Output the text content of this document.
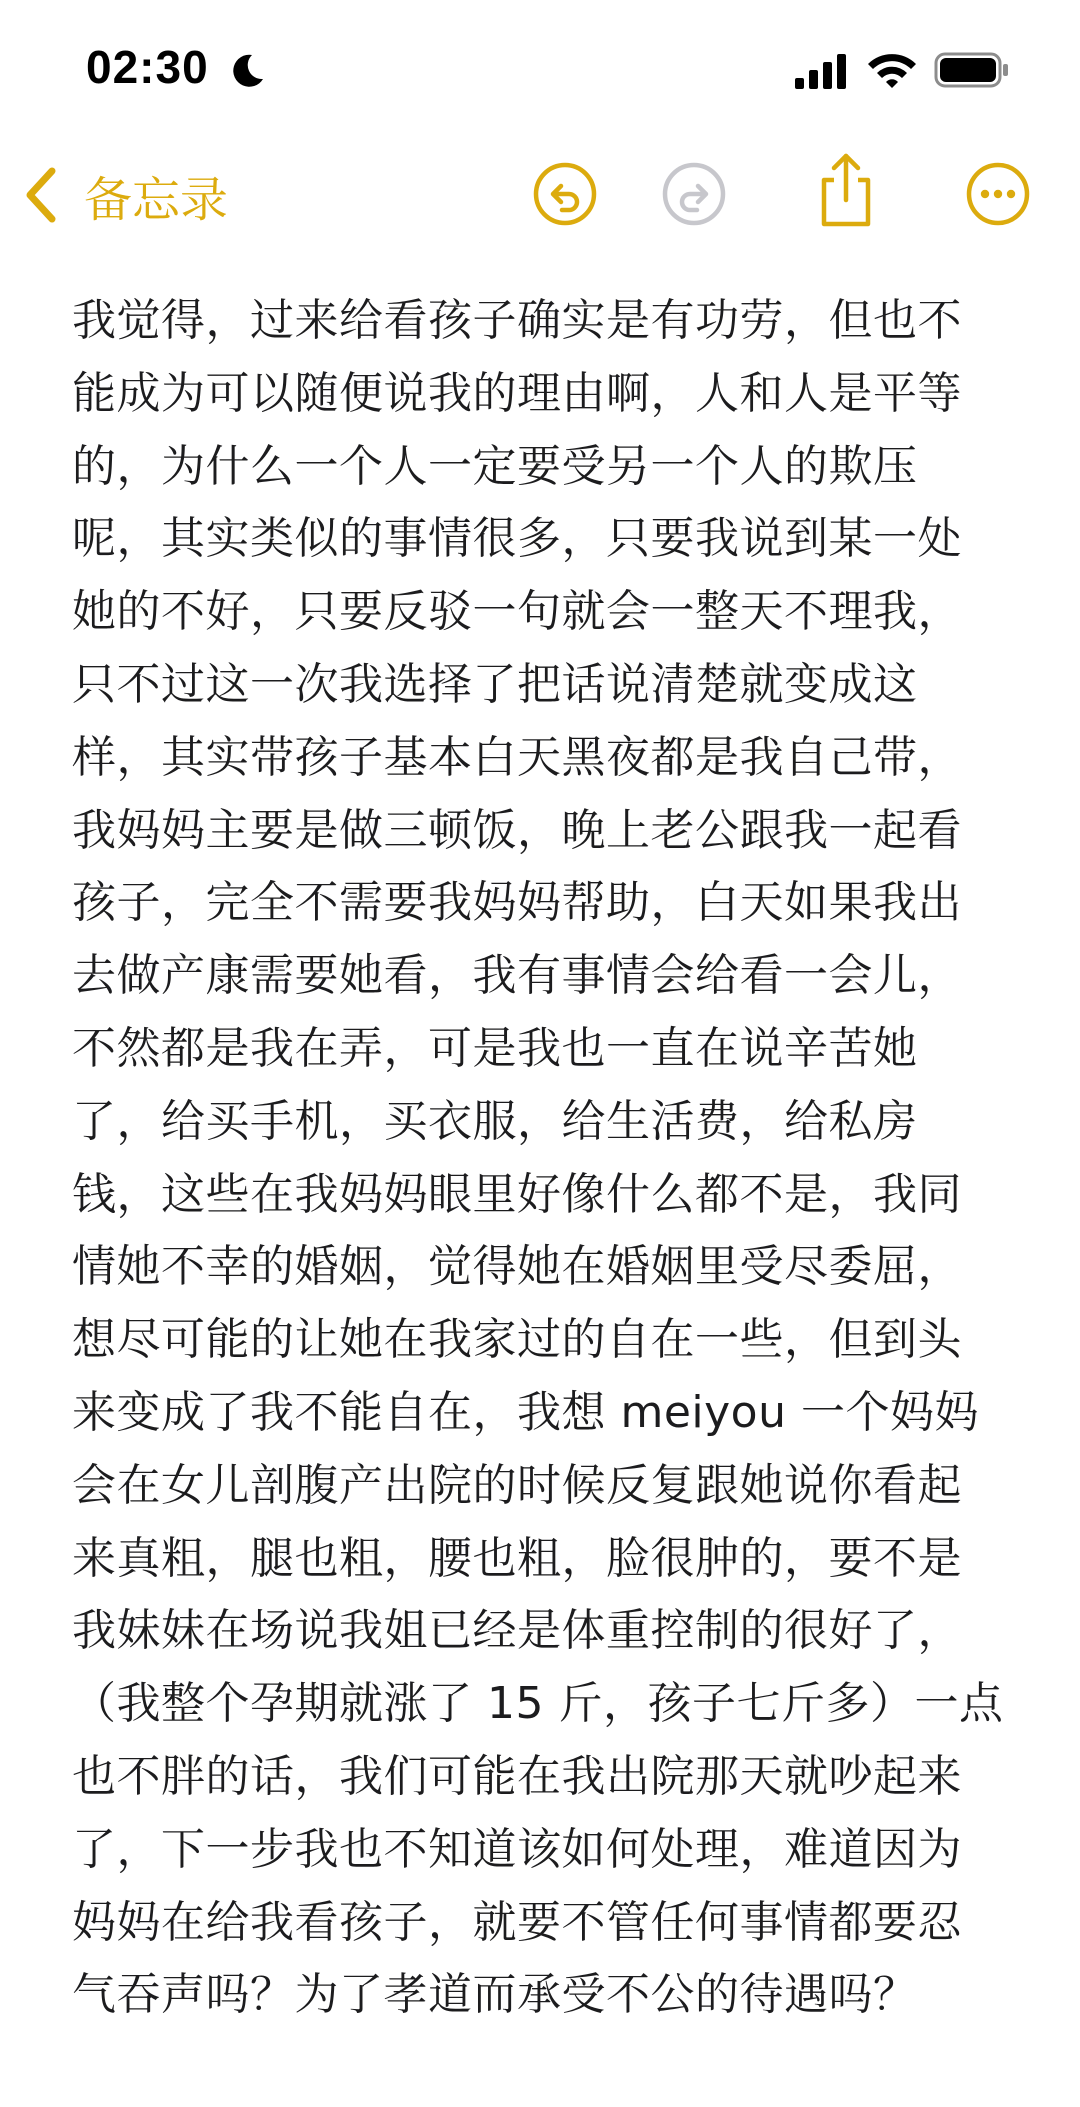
02:30
备忘录
我觉得，过来给看孩子确实是有功劳，但也不
能成为可以随便说我的理由啊，人和人是平等
的，为什么一个人一定要受另一个人的欺压
呢，其实类似的事情很多，只要我说到某一处
她的不好，只要反驳一句就会一整天不理我，
只不过这一次我选择了把话说清楚就变成这
样，其实带孩子基本白天黑夜都是我自己带，
我妈妈主要是做三顿饭，晚上老公跟我一起看
孩子，完全不需要我妈妈帮助，白天如果我出
去做产康需要她看，我有事情会给看一会儿，
不然都是我在弄，可是我也一直在说辛苦她
了，给买手机，买衣服，给生活费，给私房
钱，这些在我妈妈眼里好像什么都不是，我同
情她不幸的婚姻，觉得她在婚姻里受尽委屈，
想尽可能的让她在我家过的自在一些，但到头
来变成了我不能自在，我想 meiyou 一个妈妈
会在女儿剖腹产出院的时候反复跟她说你看起
来真粗，腿也粗，腰也粗，脸很肿的，要不是
我妹妹在场说我姐已经是体重控制的很好了，
（我整个孕期就涨了 15 斤，孩子七斤多）一点
也不胖的话，我们可能在我出院那天就吵起来
了，下一步我也不知道该如何处理，难道因为
妈妈在给我看孩子，就要不管任何事情都要忍
气吞声吗？为了孝道而承受不公的待遇吗？
